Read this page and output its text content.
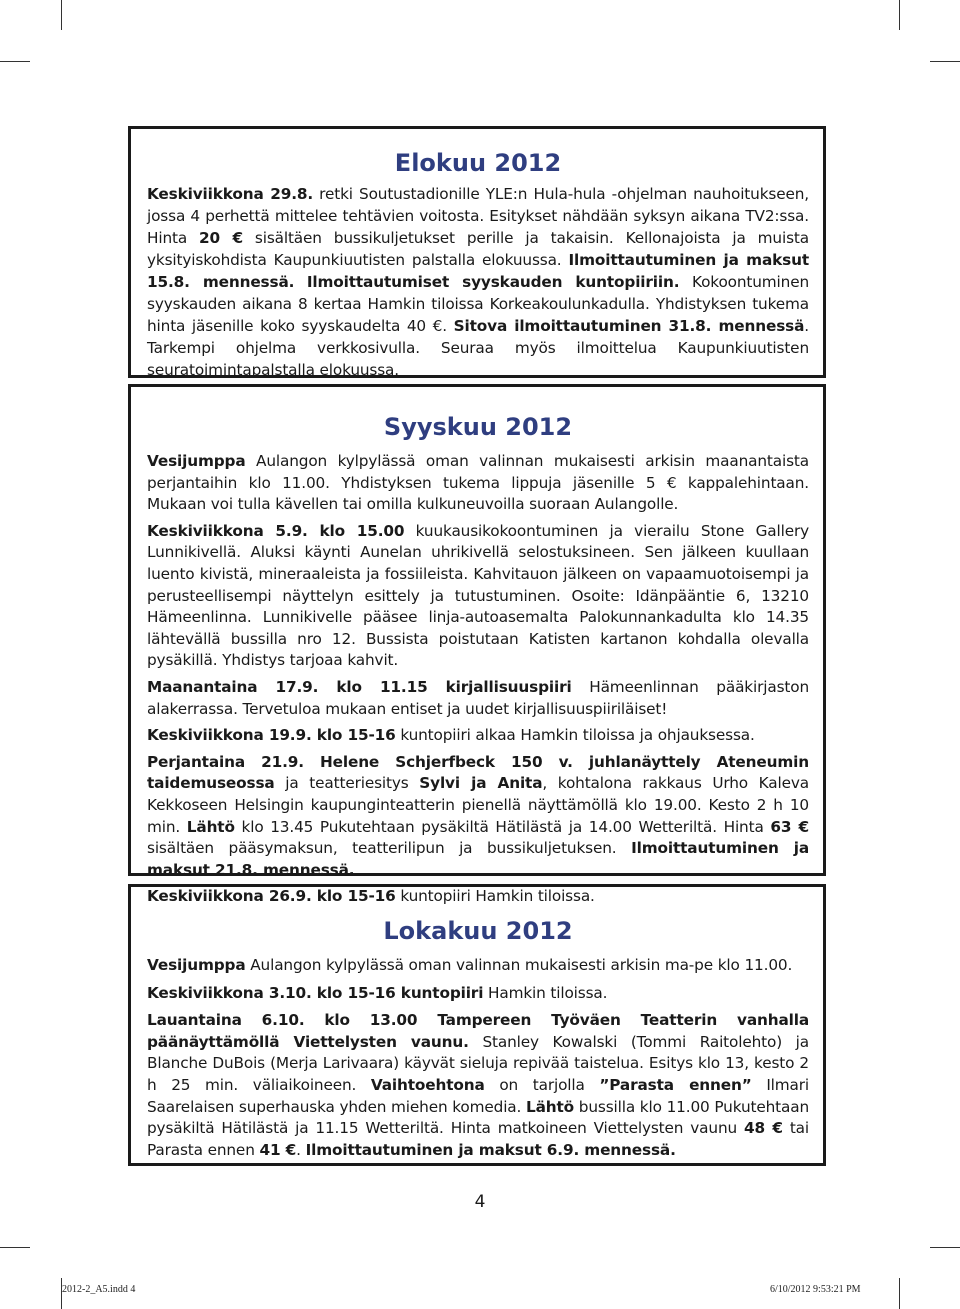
Elokuu 2012

Keskiviikkona 29.8. retki Soutustadionille YLE:n Hula-hula -ohjelman nauhoitukseen, jossa 4 perhettä mittelee tehtävien voitosta. Esitykset nähdään syksyn aikana TV2:ssa. Hinta 20 € sisältäen bussikuljetukset perille ja takaisin. Kellonajoista ja muista yksityiskohdista Kaupunkiuutisten palstalla elokuussa. Ilmoittautuminen ja maksut 15.8. mennessä. Ilmoittautumiset syyskauden kuntopiiriin. Kokoontuminen syyskauden aikana 8 kertaa Hamkin tiloissa Korkeakoulunkadulla. Yhdistyksen tukema hinta jäsenille koko syyskaudelta 40 €. Sitova ilmoittautuminen 31.8. mennessä. Tarkempi ohjelma verkkosivulla. Seuraa myös ilmoittelua Kaupunkiuutisten seuratoimintapalstalla elokuussa.

Syyskuu 2012

Vesijumppa Aulangon kylpylässä oman valinnan mukaisesti arkisin maanantaista perjantaihin klo 11.00. Yhdistyksen tukema lippuja jäsenille 5 € kappalehintaan. Mukaan voi tulla kävellen tai omilla kulkuneuvoilla suoraan Aulangolle.

Keskiviikkona 5.9. klo 15.00 kuukausikokoontuminen ja vierailu Stone Gallery Lunnikivellä. Aluksi käynti Aunelan uhrikivellä selostuksineen. Sen jälkeen kuullaan luento kivistä, mineraaleista ja fossiileista. Kahvitauon jälkeen on vapaamuotoisempi ja perusteellisempi näyttelyn esittely ja tutustuminen. Osoite: Idänpääntie 6, 13210 Hämeenlinna. Lunnikivelle pääsee linja-autoasemalta Palokunnankadulta klo 14.35 lähtevällä bussilla nro 12. Bussista poistutaan Katisten kartanon kohdalla olevalla pysäkillä. Yhdistys tarjoaa kahvit.

Maanantaina 17.9. klo 11.15 kirjallisuuspiiri Hämeenlinnan pääkirjaston alakerrassa. Tervetuloa mukaan entiset ja uudet kirjallisuuspiiriläiset!

Keskiviikkona 19.9. klo 15-16 kuntopiiri alkaa Hamkin tiloissa ja ohjauksessa.

Perjantaina 21.9. Helene Schjerfbeck 150 v. juhlanäyttely Ateneumin taidemuseossa ja teatteriesitys Sylvi ja Anita, kohtalona rakkaus Urho Kaleva Kekkoseen Helsingin kaupunginteatterin pienellä näyttämöllä klo 19.00. Kesto 2 h 10 min. Lähtö klo 13.45 Pukutehtaan pysäkiltä Hätilästä ja 14.00 Wetteriltä. Hinta 63 € sisältäen pääsymaksun, teatterilipun ja bussikuljetuksen. Ilmoittautuminen ja maksut 21.8. mennessä.

Keskiviikkona 26.9. klo 15-16 kuntopiiri Hamkin tiloissa.

Lokakuu 2012

Vesijumppa Aulangon kylpylässä oman valinnan mukaisesti arkisin ma-pe klo 11.00.

Keskiviikkona 3.10. klo 15-16 kuntopiiri Hamkin tiloissa.

Lauantaina 6.10. klo 13.00 Tampereen Työväen Teatterin vanhalla päänäyttämöllä Viettelysten vaunu. Stanley Kowalski (Tommi Raitolehto) ja Blanche DuBois (Merja Larivaara) käyvät sieluja repivää taistelua. Esitys klo 13, kesto 2 h 25 min. väliaikoineen. Vaihtoehtona on tarjolla ”Parasta ennen” Ilmari Saarelaisen superhauska yhden miehen komedia. Lähtö bussilla klo 11.00 Pukutehtaan pysäkiltä Hätilästä ja 11.15 Wetteriltä. Hinta matkoineen Viettelysten vaunu 48 € tai Parasta ennen 41 €. Ilmoittautuminen ja maksut 6.9. mennessä.

4
2012-2_A5.indd 4	6/10/2012 9:53:21 PM
